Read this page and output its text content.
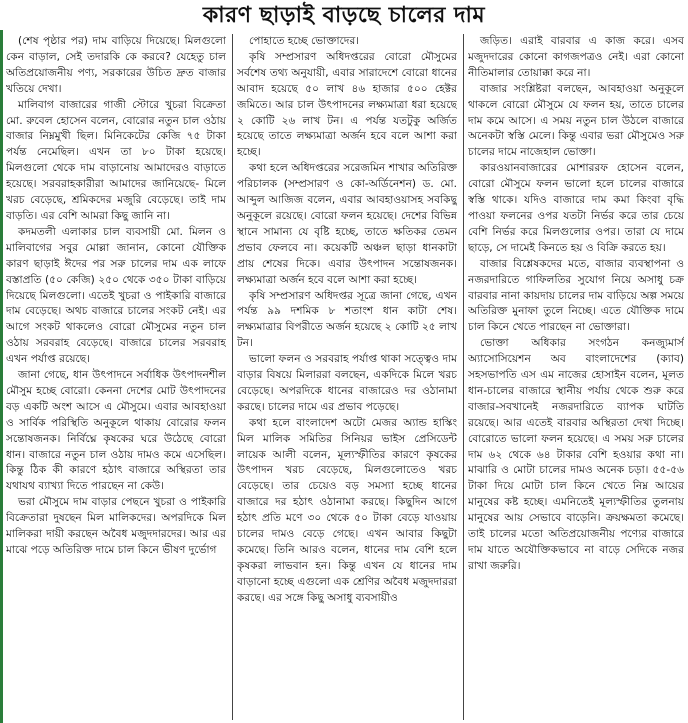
কারণ ছাড়াই বাড়ছে চালের দাম

(শেষ পৃষ্ঠার পর) দাম বাড়িয়ে দিয়েছে। মিলগুলো কেন বাড়াল, সেই তদারকি কে করবে? যেহেতু চাল অতিপ্রয়োজনীয় পণ্য, সরকারের উচিত দ্রুত বাজার খতিয়ে দেখা।

মালিবাগ বাজারের গাজী স্টোরে খুচরা বিক্রেতা মো. রুবেল হোসেন বলেন, বোরোর নতুন চাল ওঠায় বাজার নিম্নমুখী ছিল। মিনিকেটের কেজি ৭৫ টাকা পর্যন্ত নেমেছিল। এখন তা ৮০ টাকা হয়েছে। মিলগুলো থেকে দাম বাড়ানোয় আমাদেরও বাড়াতে হয়েছে। সরবরাহকারীরা আমাদের জানিয়েছে- মিলে খরচ বেড়েছে, শ্রমিকদের মজুরি বেড়েছে। তাই দাম বাড়তি। এর বেশি আমরা কিছু জানি না।

কদমতলী এলাকার চাল ব্যবসায়ী মো. মিলন ও মালিবাগের সবুর মোল্লা জানান, কোনো যৌক্তিক কারণ ছাড়াই ঈদের পর সরু চালের দাম এক লাফে বস্তাপ্রতি (৫০ কেজি) ২৫০ থেকে ৩৫০ টাকা বাড়িয়ে দিয়েছে মিলগুলো। এতেই খুচরা ও পাইকারি বাজারে দাম বেড়েছে। অথচ বাজারে চালের সংকট নেই। এর আগে সংকট থাকলেও বোরো মৌসুমের নতুন চাল ওঠায় সরবরাহ বেড়েছে। বাজারে চালের সরবরাহ এখন পর্যাপ্ত রয়েছে।

জানা গেছে, ধান উৎপাদনে সর্বাধিক উৎপাদনশীল মৌসুম হচ্ছে বোরো। কেননা দেশের মোট উৎপাদনের বড় একটি অংশ আসে এ মৌসুমে। এবার আবহাওয়া ও সার্বিক পরিস্থিতি অনুকূলে থাকায় বোরোর ফলন সন্তোষজনক। নির্বিঘ্নে কৃষকের ঘরে উঠেছে বোরো ধান। বাজারে নতুন চাল ওঠায় দামও কমে এসেছিল। কিন্তু ঠিক কী কারণে হঠাৎ বাজারে অস্থিরতা তার যথাযথ ব্যাখ্যা দিতে পারছেন না কেউ।

ভরা মৌসুমে দাম বাড়ার পেছনে খুচরা ও পাইকারি বিক্রেতারা দুষছেন মিল মালিকদের। অপরদিকে মিল মালিকরা দায়ী করছেন অবৈধ মজুদদারদের। আর এর মাঝে পড়ে অতিরিক্ত দামে চাল কিনে ভীষণ দুর্ভোগ

পোহাতে হচ্ছে ভোক্তাদের।

কৃষি সম্প্রসারণ অধিদপ্তরের বোরো মৌসুমের সর্বশেষ তথ্য অনুযায়ী, এবার সারাদেশে বোরো ধানের আবাদ হয়েছে ৫০ লাখ ৪৬ হাজার ৫০০ হেক্টর জমিতে। আর চাল উৎপাদনের লক্ষ্যমাত্রা ধরা হয়েছে ২ কোটি ২৬ লাখ টন। এ পর্যন্ত যতটুকু অর্জিত হয়েছে তাতে লক্ষ্যমাত্রা অর্জন হবে বলে আশা করা হচ্ছে।

কথা হলে অধিদপ্তরের সরেজমিন শাখার অতিরিক্ত পরিচালক (সম্প্রসারণ ও কো-অর্ডিনেশন) ড. মো. আব্দুল আজিজ বলেন, এবার আবহাওয়াসহ সবকিছু অনুকূলে রয়েছে। বোরো ফলন হয়েছে। দেশের বিভিন্ন স্থানে সামান্য যে বৃষ্টি হচ্ছে, তাতে ক্ষতিকর তেমন প্রভাব ফেলবে না। কয়েকটি অঞ্চল ছাড়া ধানকাটা প্রায় শেষের দিকে। এবার উৎপাদন সন্তোষজনক। লক্ষ্যমাত্রা অর্জন হবে বলে আশা করা হচ্ছে।

কৃষি সম্প্রসারণ অধিদপ্তর সূত্রে জানা গেছে, এখন পর্যন্ত ৯৯ দশমিক ৮ শতাংশ ধান কাটা শেষ। লক্ষ্যমাত্রার বিপরীতে অর্জন হয়েছে ২ কোটি ২৫ লাখ টন।

ভালো ফলন ও সরবরাহ পর্যাপ্ত থাকা সত্ত্বেও দাম বাড়ার বিষয়ে মিলাররা বলছেন, একদিকে মিলে খরচ বেড়েছে। অপরদিকে ধানের বাজারেও দর ওঠানামা করছে। চালের দামে এর প্রভাব পড়েছে।

কথা হলে বাংলাদেশ অটো মেজর অ্যান্ড হাস্কিং মিল মালিক সমিতির সিনিয়র ভাইস প্রেসিডেন্ট লায়েক আলী বলেন, মূল্যস্ফীতির কারণে কৃষকের উৎপাদন খরচ বেড়েছে, মিলগুলোতেও খরচ বেড়েছে। তার চেয়েও বড় সমস্যা হচ্ছে ধানের বাজারে দর হঠাৎ ওঠানামা করছে। কিছুদিন আগে হঠাৎ প্রতি মণে ৩০ থেকে ৫০ টাকা বেড়ে যাওয়ায় চালের দামও বেড়ে গেছে। এখন আবার কিছুটা কমেছে। তিনি আরও বলেন, ধানের দাম বেশি হলে কৃষকরা লাভবান হন। কিন্তু এখন যে ধানের দাম বাড়ানো হচ্ছে এগুলো এক শ্রেণির অবৈধ মজুদদাররা করছে। এর সঙ্গে কিছু অসাধু ব্যবসায়ীও

জড়িত। এরাই বারবার এ কাজ করে। এসব মজুদদারের কোনো কাগজপত্রও নেই। এরা কোনো নীতিমালার তোয়াক্কা করে না।

বাজার সংশ্লিষ্টরা বলছেন, আবহাওয়া অনুকূলে থাকলে বোরো মৌসুমে যে ফলন হয়, তাতে চালের দাম কমে আসে। এ সময় নতুন চাল উঠলে বাজারে অনেকটা স্বস্তি মেলে। কিন্তু এবার ভরা মৌসুমেও সরু চালের দামে নাজেহাল ভোক্তা।

কারওয়ানবাজারের মোশাররফ হোসেন বলেন, বোরো মৌসুমে ফলন ভালো হলে চালের বাজারে স্বস্তি থাকে। যদিও বাজারে দাম কমা কিংবা বৃদ্ধি পাওয়া ফলনের ওপর যতটা নির্ভর করে তার চেয়ে বেশি নির্ভর করে মিলগুলোর ওপর। তারা যে দামে ছাড়ে, সে দামেই কিনতে হয় ও বিক্রি করতে হয়।

বাজার বিশ্লেষকদের মতে, বাজার ব্যবস্থাপনা ও নজরদারিতে গাফিলতির সুযোগ নিয়ে অসাধু চক্র বারবার নানা কায়দায় চালের দাম বাড়িয়ে অল্প সময়ে অতিরিক্ত মুনাফা তুলে নিচ্ছে। এতে যৌক্তিক দামে চাল কিনে খেতে পারছেন না ভোক্তারা।

ভোক্তা অধিকার সংগঠন কনজ্যুমার্স অ্যাসোসিয়েশন অব বাংলাদেশের (ক্যাব) সহসভাপতি এস এম নাজের হোসাইন বলেন, মূলত ধান-চালের বাজারে স্থানীয় পর্যায় থেকে শুরু করে বাজার-সবখানেই নজরদারিতে ব্যাপক ঘাটতি রয়েছে। আর এতেই বারবার অস্থিরতা দেখা দিচ্ছে। বোরোতে ভালো ফলন হয়েছে। এ সময় সরু চালের দাম ৬২ থেকে ৬৪ টাকার বেশি হওয়ার কথা না। মাঝারি ও মোটা চালের দামও অনেক চড়া। ৫৫-৫৬ টাকা দিয়ে মোটা চাল কিনে খেতে নিম্ন আয়ের মানুষের কষ্ট হচ্ছে। এমনিতেই মূল্যস্ফীতির তুলনায় মানুষের আয় সেভাবে বাড়েনি। ক্রয়ক্ষমতা কমেছে। তাই চালের মতো অতিপ্রয়োজনীয় পণ্যের বাজারে দাম যাতে অযৌক্তিকভাবে না বাড়ে সেদিকে নজর রাখা জরুরি।
